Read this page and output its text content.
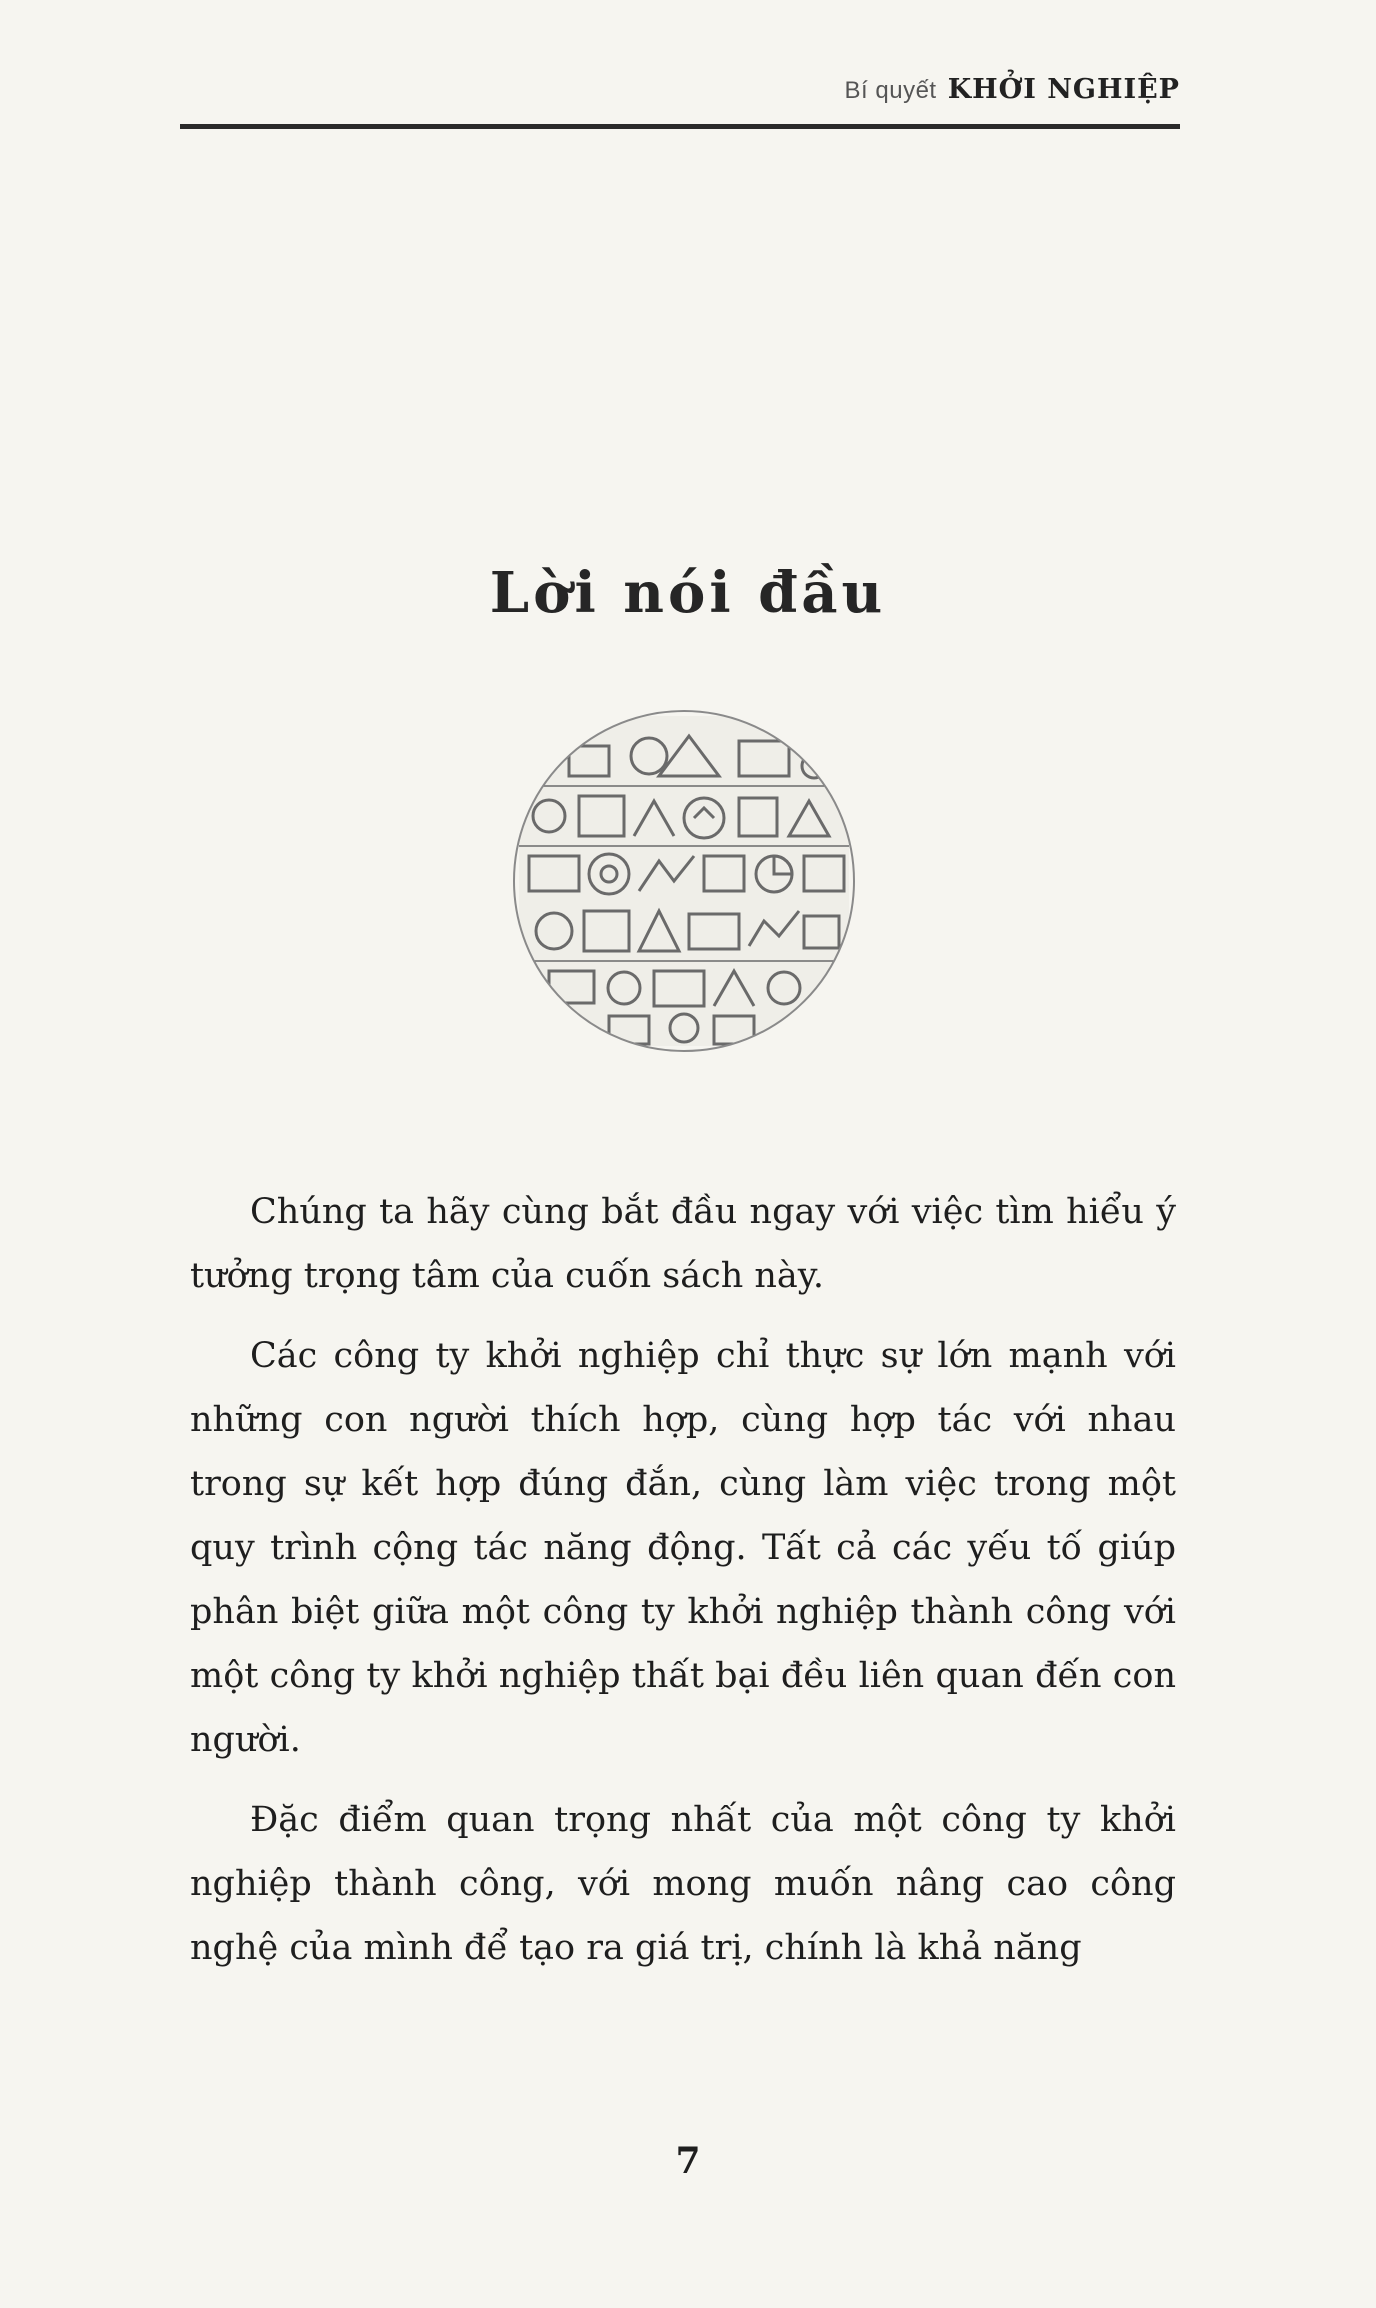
Bí quyết KHỞI NGHIỆP
Lời nói đầu

Chúng ta hãy cùng bắt đầu ngay với việc tìm hiểu ý tưởng trọng tâm của cuốn sách này.

Các công ty khởi nghiệp chỉ thực sự lớn mạnh với những con người thích hợp, cùng hợp tác với nhau trong sự kết hợp đúng đắn, cùng làm việc trong một quy trình cộng tác năng động. Tất cả các yếu tố giúp phân biệt giữa một công ty khởi nghiệp thành công với một công ty khởi nghiệp thất bại đều liên quan đến con người.

Đặc điểm quan trọng nhất của một công ty khởi nghiệp thành công, với mong muốn nâng cao công nghệ của mình để tạo ra giá trị, chính là khả năng

7
